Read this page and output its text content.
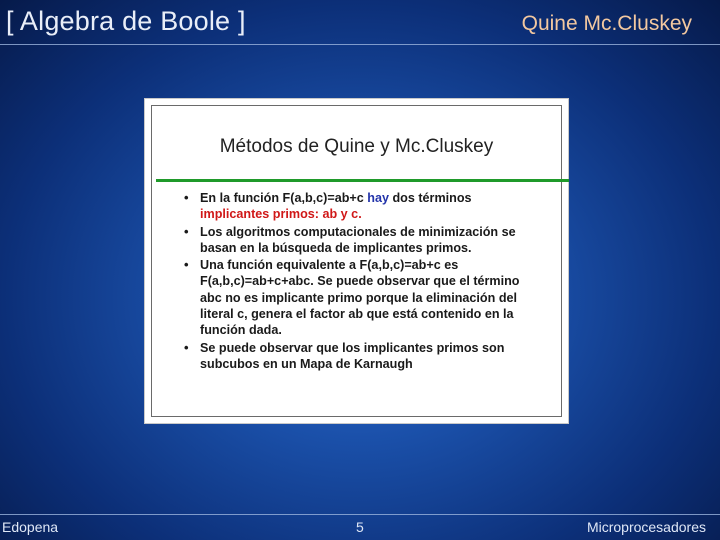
[ Algebra de Boole ]	Quine Mc.Cluskey
Métodos de Quine y Mc.Cluskey
• En la función F(a,b,c)=ab+c hay dos términos implicantes primos: ab y c.
• Los algoritmos computacionales de minimización se basan en la búsqueda de implicantes primos.
• Una función equivalente a F(a,b,c)=ab+c es F(a,b,c)=ab+c+abc. Se puede observar que el término abc no es implicante primo porque la eliminación del literal c, genera el factor ab que está contenido en la función dada.
• Se puede observar que los implicantes primos son subcubos en un Mapa de Karnaugh
Edopena	5	Microprocesadores
